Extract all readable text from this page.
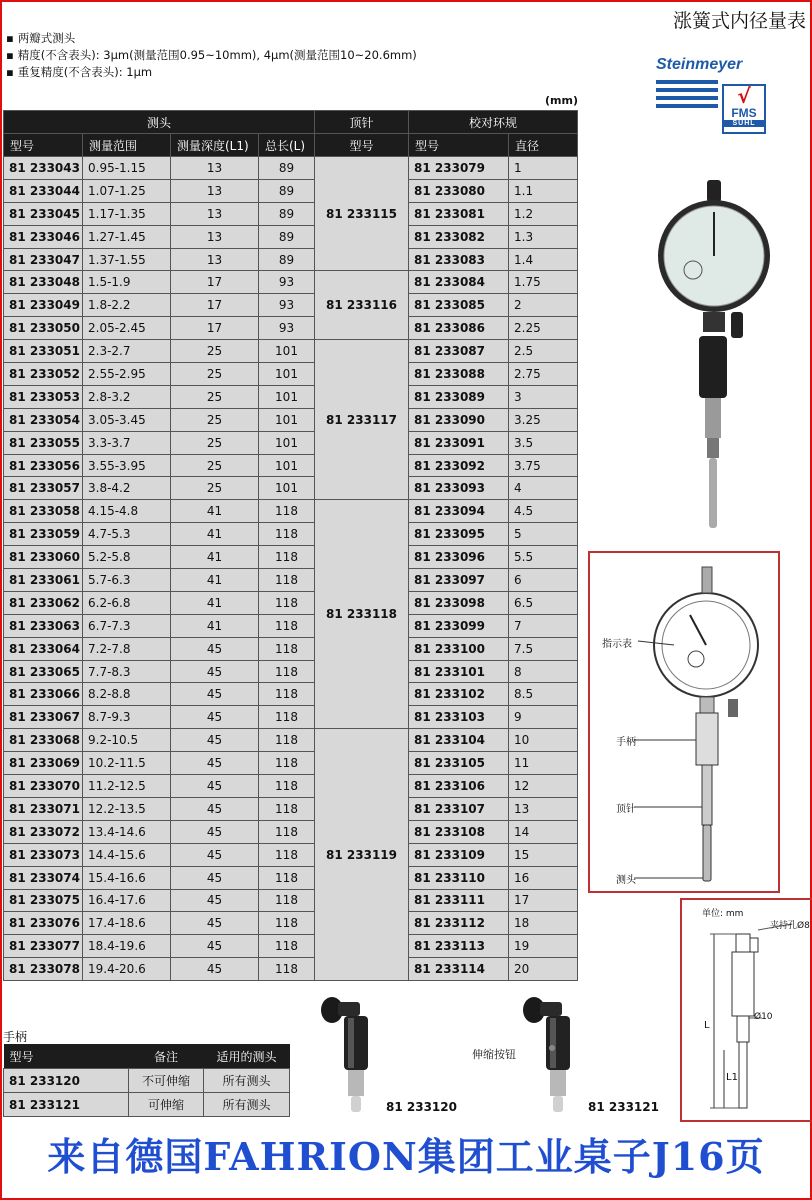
涨簧式内径量表
▪ 两瓣式测头
▪ 精度(不含表头): 3µm(测量范围0.95~10mm), 4µm(测量范围10~20.6mm)
▪ 重复精度(不含表头): 1µm	Steinmeyer
√
FMS
SUHL
(mm)
测头				顶针	校对环规	
型号	测量范围	测量深度(L1)	总长(L)	型号	型号	直径
81 233043	0.95-1.15	13	89	81 233115	81 233079	1
81 233044	1.07-1.25	13	89		81 233080	1.1
81 233045	1.17-1.35	13	89		81 233081	1.2
81 233046	1.27-1.45	13	89		81 233082	1.3
81 233047	1.37-1.55	13	89		81 233083	1.4
81 233048	1.5-1.9	17	93	81 233116	81 233084	1.75
81 233049	1.8-2.2	17	93		81 233085	2
81 233050	2.05-2.45	17	93		81 233086	2.25
81 233051	2.3-2.7	25	101	81 233117	81 233087	2.5
81 233052	2.55-2.95	25	101		81 233088	2.75
81 233053	2.8-3.2	25	101		81 233089	3
81 233054	3.05-3.45	25	101		81 233090	3.25
81 233055	3.3-3.7	25	101		81 233091	3.5
81 233056	3.55-3.95	25	101		81 233092	3.75
81 233057	3.8-4.2	25	101		81 233093	4
81 233058	4.15-4.8	41	118	81 233118	81 233094	4.5
81 233059	4.7-5.3	41	118		81 233095	5
81 233060	5.2-5.8	41	118		81 233096	5.5
81 233061	5.7-6.3	41	118		81 233097	6
81 233062	6.2-6.8	41	118		81 233098	6.5
81 233063	6.7-7.3	41	118		81 233099	7
81 233064	7.2-7.8	45	118		81 233100	7.5
81 233065	7.7-8.3	45	118		81 233101	8
81 233066	8.2-8.8	45	118		81 233102	8.5
81 233067	8.7-9.3	45	118		81 233103	9
81 233068	9.2-10.5	45	118	81 233119	81 233104	10
81 233069	10.2-11.5	45	118		81 233105	11
81 233070	11.2-12.5	45	118		81 233106	12
81 233071	12.2-13.5	45	118		81 233107	13
81 233072	13.4-14.6	45	118		81 233108	14
81 233073	14.4-15.6	45	118		81 233109	15
81 233074	15.4-16.6	45	118		81 233110	16
81 233075	16.4-17.6	45	118		81 233111	17
81 233076	17.4-18.6	45	118		81 233112	18
81 233077	18.4-19.6	45	118		81 233113	19
81 233078	19.4-20.6	45	118		81 233114	20
手柄
型号	备注	适用的测头
81 233120	不可伸缩	所有测头
81 233121	可伸缩	所有测头	81 233120
伸缩按钮
81 233121
指示表
手柄
顶针
测头
单位: mm
夹持孔Ø8
Ø10
L
L1
来自德国FAHRION集团工业桌子J16页
